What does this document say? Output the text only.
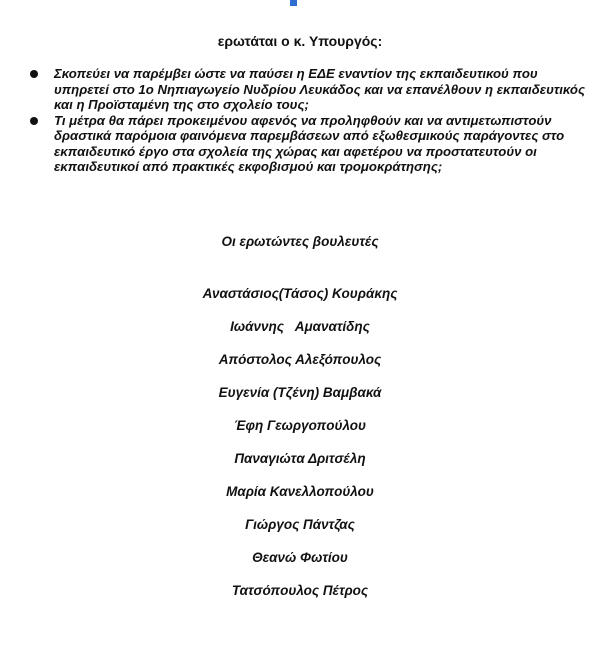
ερωτάται ο κ. Υπουργός:
Σκοπεύει να παρέμβει ώστε να παύσει η ΕΔΕ εναντίον της εκπαιδευτικού που υπηρετεί στο 1ο Νηπιαγωγείο Νυδρίου Λευκάδος και να επανέλθουν η εκπαιδευτικός και η Προϊσταμένη της στο σχολείο τους;
Τι μέτρα θα πάρει προκειμένου αφενός να προληφθούν και να αντιμετωπιστούν δραστικά παρόμοια φαινόμενα παρεμβάσεων από εξωθεσμικούς παράγοντες στο εκπαιδευτικό έργο στα σχολεία της χώρας και αφετέρου να προστατευτούν οι εκπαιδευτικοί από πρακτικές εκφοβισμού και τρομοκράτησης;
Οι ερωτώντες βουλευτές
Αναστάσιος(Τάσος) Κουράκης
Ιωάννης   Αμανατίδης
Απόστολος Αλεξόπουλος
Ευγενία (Τζένη) Βαμβακά
Έφη Γεωργοπούλου
Παναγιώτα Δριτσέλη
Μαρία Κανελλοπούλου
Γιώργος Πάντζας
Θεανώ Φωτίου
Τατσόπουλος Πέτρος
